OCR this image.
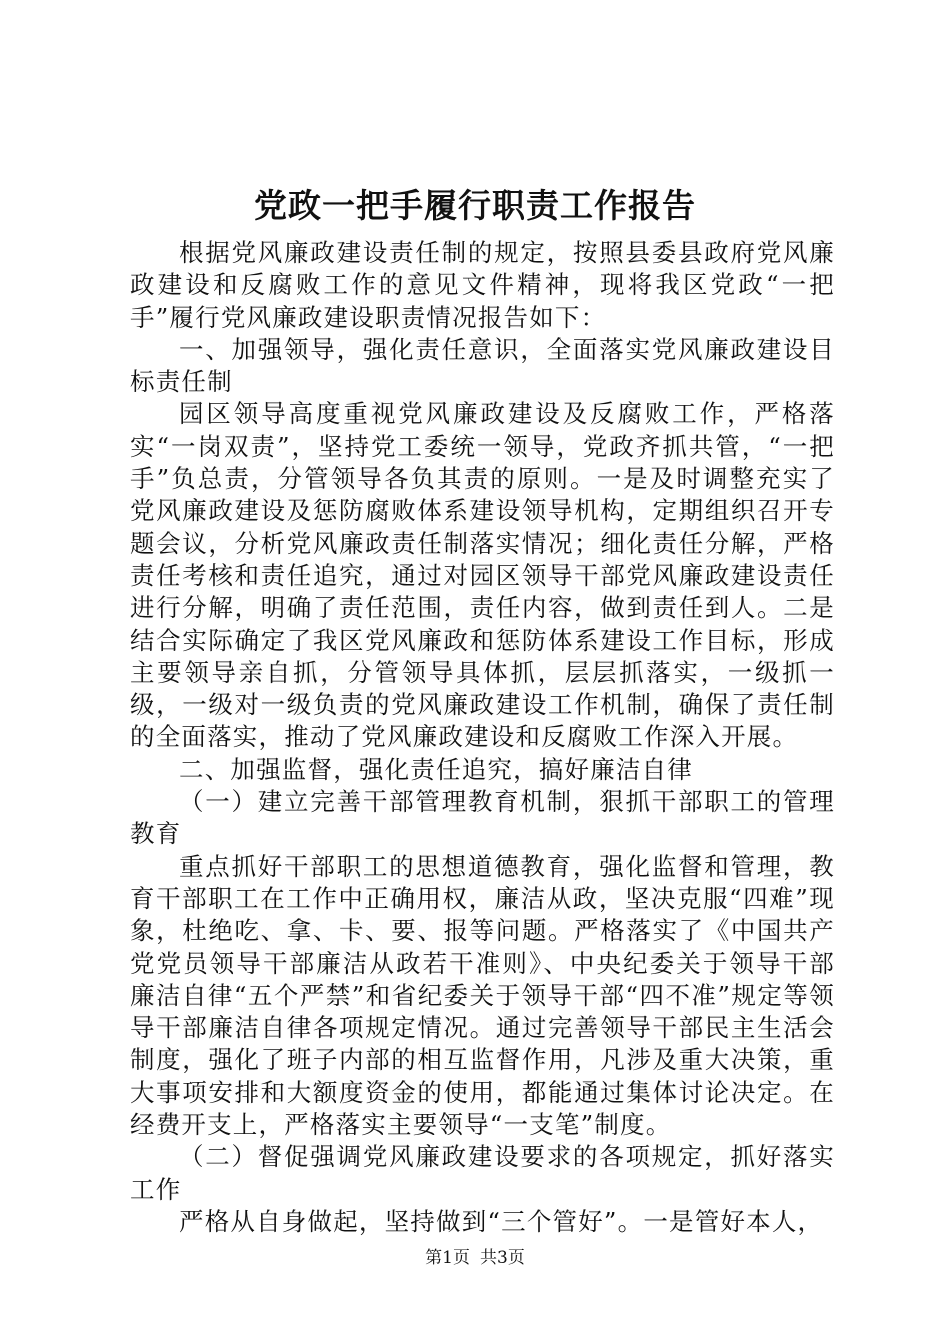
党政一把手履行职责工作报告

根据党风廉政建设责任制的规定，按照县委县政府党风廉政建设和反腐败工作的意见文件精神，现将我区党政“一把手”履行党风廉政建设职责情况报告如下：

一、加强领导，强化责任意识，全面落实党风廉政建设目标责任制

园区领导高度重视党风廉政建设及反腐败工作，严格落实“一岗双责”，坚持党工委统一领导，党政齐抓共管，“一把手”负总责，分管领导各负其责的原则。一是及时调整充实了党风廉政建设及惩防腐败体系建设领导机构，定期组织召开专题会议，分析党风廉政责任制落实情况；细化责任分解，严格责任考核和责任追究，通过对园区领导干部党风廉政建设责任进行分解，明确了责任范围，责任内容，做到责任到人。二是结合实际确定了我区党风廉政和惩防体系建设工作目标，形成主要领导亲自抓，分管领导具体抓，层层抓落实，一级抓一级，一级对一级负责的党风廉政建设工作机制，确保了责任制的全面落实，推动了党风廉政建设和反腐败工作深入开展。

二、加强监督，强化责任追究，搞好廉洁自律

（一）建立完善干部管理教育机制，狠抓干部职工的管理教育

重点抓好干部职工的思想道德教育，强化监督和管理，教育干部职工在工作中正确用权，廉洁从政，坚决克服“四难”现象，杜绝吃、拿、卡、要、报等问题。严格落实了《中国共产党党员领导干部廉洁从政若干准则》、中央纪委关于领导干部廉洁自律“五个严禁”和省纪委关于领导干部“四不准”规定等领导干部廉洁自律各项规定情况。通过完善领导干部民主生活会制度，强化了班子内部的相互监督作用，凡涉及重大决策，重大事项安排和大额度资金的使用，都能通过集体讨论决定。在经费开支上，严格落实主要领导“一支笔”制度。

（二）督促强调党风廉政建设要求的各项规定，抓好落实工作

严格从自身做起，坚持做到“三个管好”。一是管好本人，

第1页 共3页
